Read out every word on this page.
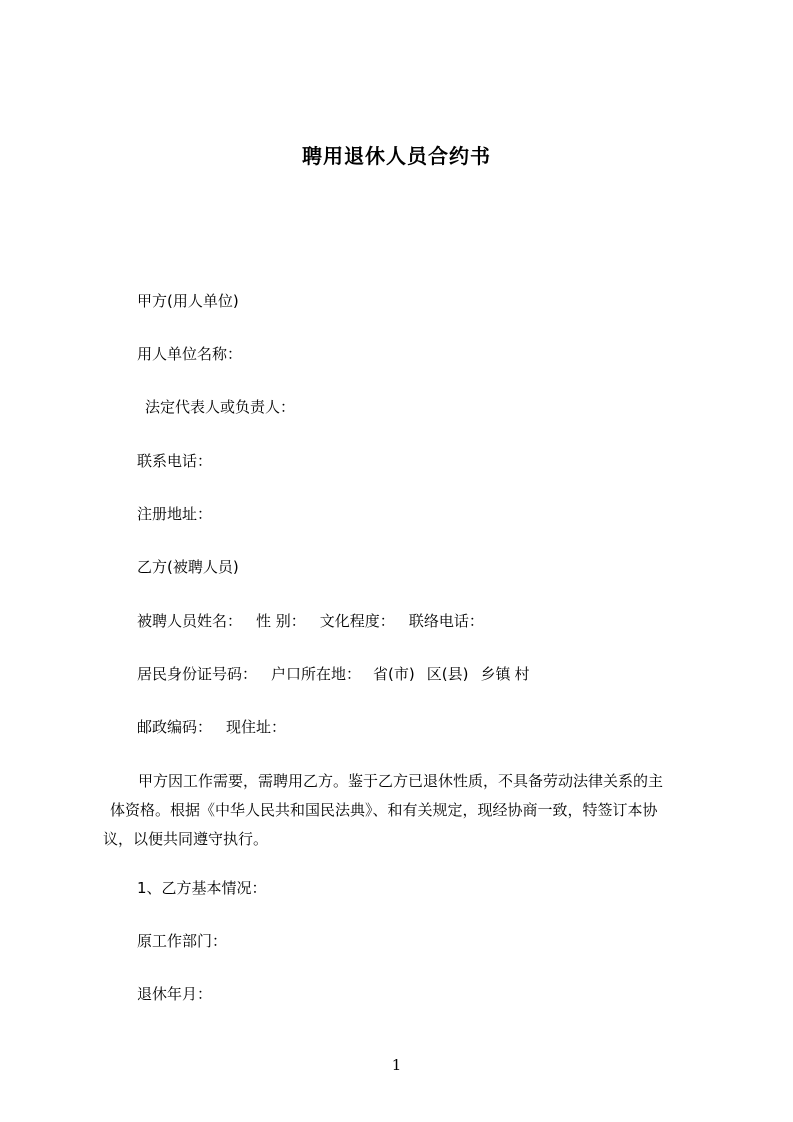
聘用退休人员合约书
甲方(用人单位)
用人单位名称：
法定代表人或负责人：
联系电话：
注册地址：
乙方(被聘人员)
被聘人员姓名： 性 别： 文化程度： 联络电话：
居民身份证号码： 户口所在地： 省(市) 区(县) 乡镇 村
邮政编码： 现住址：
甲方因工作需要，需聘用乙方。鉴于乙方已退休性质，不具备劳动法律关系的主
体资格。根据《中华人民共和国民法典》、和有关规定，现经协商一致，特签订本协
议，以便共同遵守执行。
1、乙方基本情况：
原工作部门：
退休年月：
1
